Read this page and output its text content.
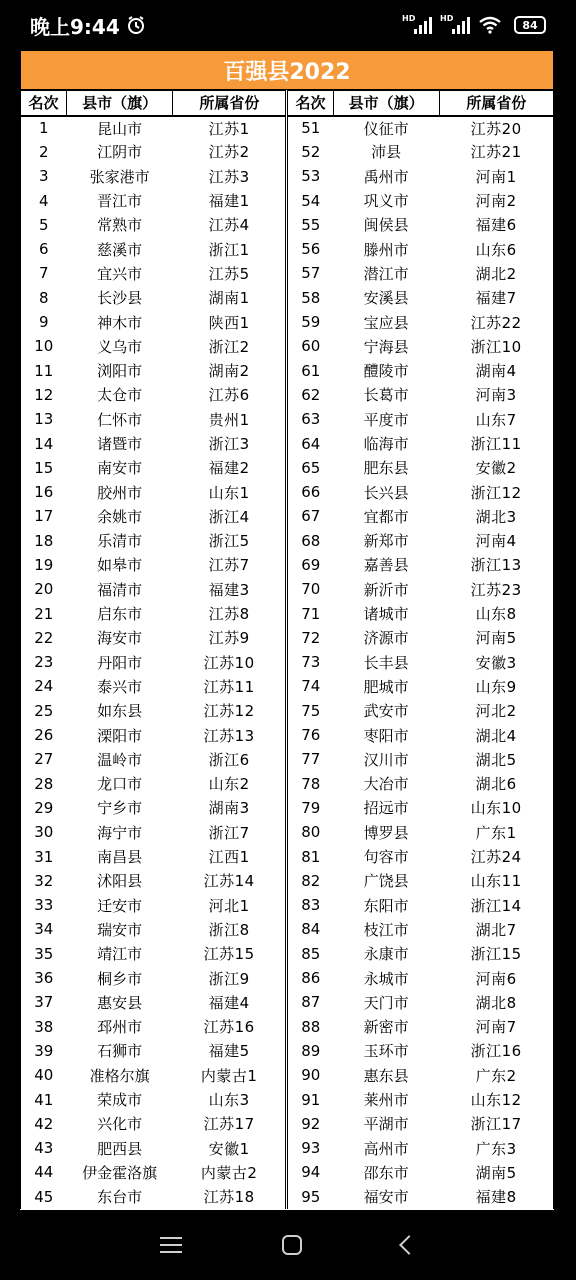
晚上9:44	HD	HD	84
百强县2022
名次	县市（旗）	所属省份	名次	县市（旗）	所属省份
1	昆山市	江苏1	51	仪征市	江苏20
2	江阴市	江苏2	52	沛县	江苏21
3	张家港市	江苏3	53	禹州市	河南1
4	晋江市	福建1	54	巩义市	河南2
5	常熟市	江苏4	55	闽侯县	福建6
6	慈溪市	浙江1	56	滕州市	山东6
7	宜兴市	江苏5	57	潜江市	湖北2
8	长沙县	湖南1	58	安溪县	福建7
9	神木市	陕西1	59	宝应县	江苏22
10	义乌市	浙江2	60	宁海县	浙江10
11	浏阳市	湖南2	61	醴陵市	湖南4
12	太仓市	江苏6	62	长葛市	河南3
13	仁怀市	贵州1	63	平度市	山东7
14	诸暨市	浙江3	64	临海市	浙江11
15	南安市	福建2	65	肥东县	安徽2
16	胶州市	山东1	66	长兴县	浙江12
17	余姚市	浙江4	67	宜都市	湖北3
18	乐清市	浙江5	68	新郑市	河南4
19	如皋市	江苏7	69	嘉善县	浙江13
20	福清市	福建3	70	新沂市	江苏23
21	启东市	江苏8	71	诸城市	山东8
22	海安市	江苏9	72	济源市	河南5
23	丹阳市	江苏10	73	长丰县	安徽3
24	泰兴市	江苏11	74	肥城市	山东9
25	如东县	江苏12	75	武安市	河北2
26	溧阳市	江苏13	76	枣阳市	湖北4
27	温岭市	浙江6	77	汉川市	湖北5
28	龙口市	山东2	78	大冶市	湖北6
29	宁乡市	湖南3	79	招远市	山东10
30	海宁市	浙江7	80	博罗县	广东1
31	南昌县	江西1	81	句容市	江苏24
32	沭阳县	江苏14	82	广饶县	山东11
33	迁安市	河北1	83	东阳市	浙江14
34	瑞安市	浙江8	84	枝江市	湖北7
35	靖江市	江苏15	85	永康市	浙江15
36	桐乡市	浙江9	86	永城市	河南6
37	惠安县	福建4	87	天门市	湖北8
38	邳州市	江苏16	88	新密市	河南7
39	石狮市	福建5	89	玉环市	浙江16
40	准格尔旗	内蒙古1	90	惠东县	广东2
41	荣成市	山东3	91	莱州市	山东12
42	兴化市	江苏17	92	平湖市	浙江17
43	肥西县	安徽1	93	高州市	广东3
44	伊金霍洛旗	内蒙古2	94	邵东市	湖南5
45	东台市	江苏18	95	福安市	福建8
